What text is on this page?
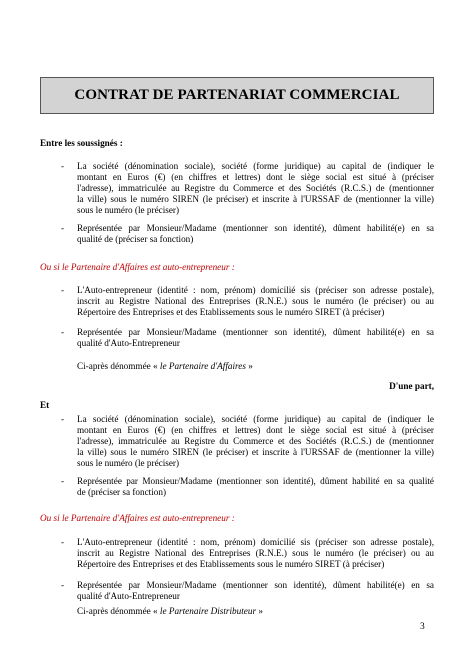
CONTRAT DE PARTENARIAT COMMERCIAL
Entre les soussignés :
- La société (dénomination sociale), société (forme juridique) au capital de (indiquer le
montant en Euros (€) (en chiffres et lettres) dont le siège social est situé à (préciser
l'adresse), immatriculée au Registre du Commerce et des Sociétés (R.C.S.) de (mentionner
la ville) sous le numéro SIREN (le préciser) et inscrite à l'URSSAF de (mentionner la ville)
sous le numéro (le préciser)
- Représentée par Monsieur/Madame (mentionner son identité), dûment habilité(e) en sa
qualité de (préciser sa fonction)
Ou si le Partenaire d'Affaires est auto-entrepreneur :
- L'Auto-entrepreneur (identité : nom, prénom) domicilié sis (préciser son adresse postale),
inscrit au Registre National des Entreprises (R.N.E.) sous le numéro (le préciser) ou au
Répertoire des Entreprises et des Etablissements sous le numéro SIRET (à préciser)
- Représentée par Monsieur/Madame (mentionner son identité), dûment habilité(e) en sa
qualité d'Auto-Entrepreneur
Ci-après dénommée « le Partenaire d'Affaires »
D'une part,
Et
- La société (dénomination sociale), société (forme juridique) au capital de (indiquer le
montant en Euros (€) (en chiffres et lettres) dont le siège social est situé à (préciser
l'adresse), immatriculée au Registre du Commerce et des Sociétés (R.C.S.) de (mentionner
la ville) sous le numéro SIREN (le préciser) et inscrite à l'URSSAF de (mentionner la ville)
sous le numéro (le préciser)
- Représentée par Monsieur/Madame (mentionner son identité), dûment habilité en sa qualité
de (préciser sa fonction)
Ou si le Partenaire d'Affaires est auto-entrepreneur :
- L'Auto-entrepreneur (identité : nom, prénom) domicilié sis (préciser son adresse postale),
inscrit au Registre National des Entreprises (R.N.E.) sous le numéro (le préciser) ou au
Répertoire des Entreprises et des Etablissements sous le numéro SIRET (à préciser)
- Représentée par Monsieur/Madame (mentionner son identité), dûment habilité(e) en sa
qualité d'Auto-Entrepreneur
Ci-après dénommée « le Partenaire Distributeur »
3
